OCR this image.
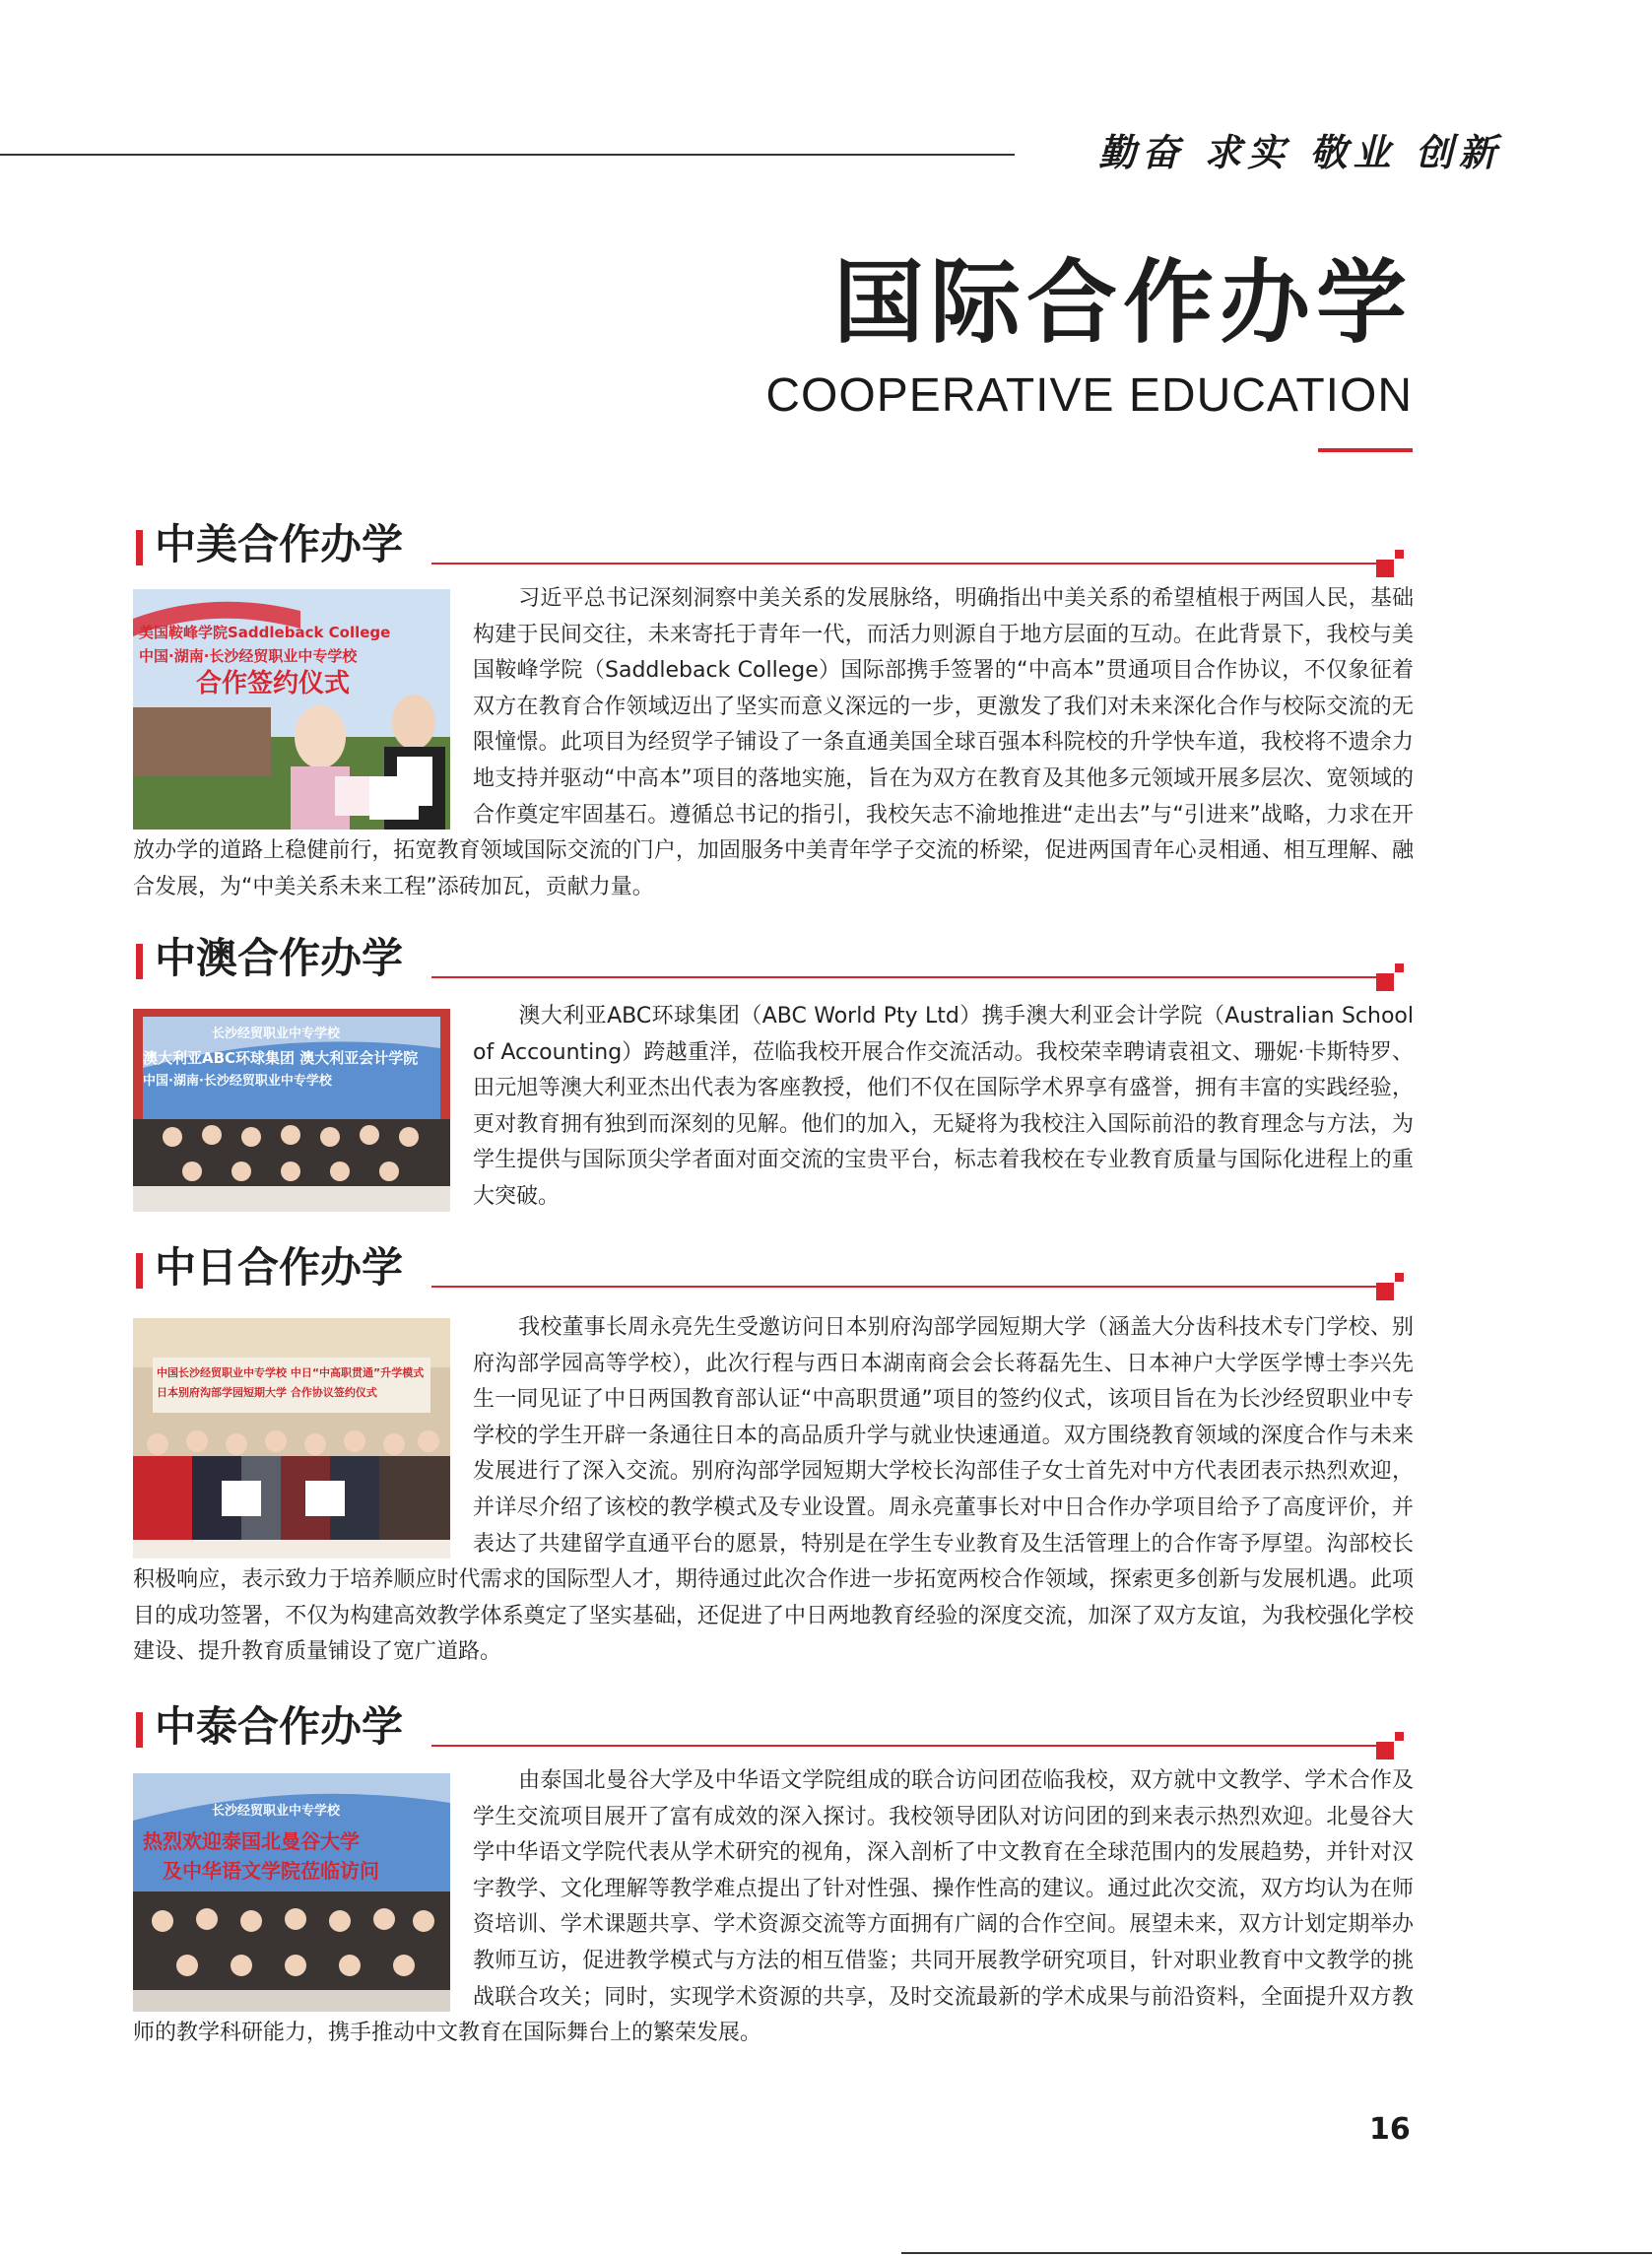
勤奋 求实 敬业 创新
国际合作办学
COOPERATIVE EDUCATION
中美合作办学
美国鞍峰学院Saddleback College
中国·湖南·长沙经贸职业中专学校
合作签约仪式

习近平总书记深刻洞察中美关系的发展脉络，明确指出中美关系的希望植根于两国人民，基础构建于民间交往，未来寄托于青年一代，而活力则源自于地方层面的互动。在此背景下，我校与美国鞍峰学院（Saddleback College）国际部携手签署的“中高本”贯通项目合作协议，不仅象征着双方在教育合作领域迈出了坚实而意义深远的一步，更激发了我们对未来深化合作与校际交流的无限憧憬。此项目为经贸学子铺设了一条直通美国全球百强本科院校的升学快车道，我校将不遗余力地支持并驱动“中高本”项目的落地实施，旨在为双方在教育及其他多元领域开展多层次、宽领域的合作奠定牢固基石。遵循总书记的指引，我校矢志不渝地推进“走出去”与“引进来”战略，力求在开放办学的道路上稳健前行，拓宽教育领域国际交流的门户，加固服务中美青年学子交流的桥梁，促进两国青年心灵相通、相互理解、融合发展，为“中美关系未来工程”添砖加瓦，贡献力量。

中澳合作办学
长沙经贸职业中专学校
澳大利亚ABC环球集团 澳大利亚会计学院
中国·湖南·长沙经贸职业中专学校

澳大利亚ABC环球集团（ABC World Pty Ltd）携手澳大利亚会计学院（Australian School of Accounting）跨越重洋，莅临我校开展合作交流活动。我校荣幸聘请袁祖文、珊妮·卡斯特罗、田元旭等澳大利亚杰出代表为客座教授，他们不仅在国际学术界享有盛誉，拥有丰富的实践经验，更对教育拥有独到而深刻的见解。他们的加入，无疑将为我校注入国际前沿的教育理念与方法，为学生提供与国际顶尖学者面对面交流的宝贵平台，标志着我校在专业教育质量与国际化进程上的重大突破。

中日合作办学
中国长沙经贸职业中专学校 中日“中高职贯通”升学模式
日本别府沟部学园短期大学 合作协议签约仪式

我校董事长周永亮先生受邀访问日本别府沟部学园短期大学（涵盖大分齿科技术专门学校、别府沟部学园高等学校），此次行程与西日本湖南商会会长蒋磊先生、日本神户大学医学博士李兴先生一同见证了中日两国教育部认证“中高职贯通”项目的签约仪式，该项目旨在为长沙经贸职业中专学校的学生开辟一条通往日本的高品质升学与就业快速通道。双方围绕教育领域的深度合作与未来发展进行了深入交流。别府沟部学园短期大学校长沟部佳子女士首先对中方代表团表示热烈欢迎，并详尽介绍了该校的教学模式及专业设置。周永亮董事长对中日合作办学项目给予了高度评价，并表达了共建留学直通平台的愿景，特别是在学生专业教育及生活管理上的合作寄予厚望。沟部校长积极响应，表示致力于培养顺应时代需求的国际型人才，期待通过此次合作进一步拓宽两校合作领域，探索更多创新与发展机遇。此项目的成功签署，不仅为构建高效教学体系奠定了坚实基础，还促进了中日两地教育经验的深度交流，加深了双方友谊，为我校强化学校建设、提升教育质量铺设了宽广道路。

中泰合作办学
长沙经贸职业中专学校
热烈欢迎泰国北曼谷大学
及中华语文学院莅临访问

由泰国北曼谷大学及中华语文学院组成的联合访问团莅临我校，双方就中文教学、学术合作及学生交流项目展开了富有成效的深入探讨。我校领导团队对访问团的到来表示热烈欢迎。北曼谷大学中华语文学院代表从学术研究的视角，深入剖析了中文教育在全球范围内的发展趋势，并针对汉字教学、文化理解等教学难点提出了针对性强、操作性高的建议。通过此次交流，双方均认为在师资培训、学术课题共享、学术资源交流等方面拥有广阔的合作空间。展望未来，双方计划定期举办教师互访，促进教学模式与方法的相互借鉴；共同开展教学研究项目，针对职业教育中文教学的挑战联合攻关；同时，实现学术资源的共享，及时交流最新的学术成果与前沿资料，全面提升双方教师的教学科研能力，携手推动中文教育在国际舞台上的繁荣发展。

16
